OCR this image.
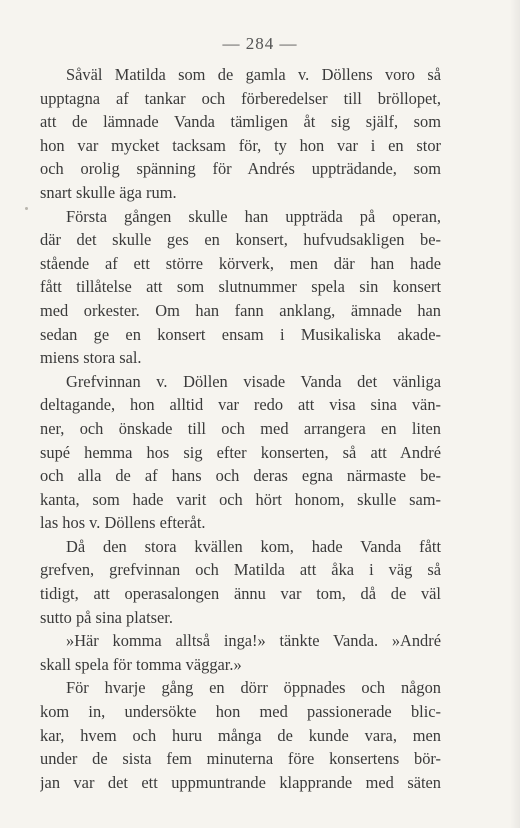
— 284 —
Såväl Matilda som de gamla v. Döllens voro så
upptagna af tankar och förberedelser till bröllopet,
att de lämnade Vanda tämligen åt sig själf, som
hon var mycket tacksam för, ty hon var i en stor
och orolig spänning för Andrés uppträdande, som
snart skulle äga rum.
Första gången skulle han uppträda på operan,
där det skulle ges en konsert, hufvudsakligen be-
stående af ett större körverk, men där han hade
fått tillåtelse att som slutnummer spela sin konsert
med orkester. Om han fann anklang, ämnade han
sedan ge en konsert ensam i Musikaliska akade-
miens stora sal.
Grefvinnan v. Döllen visade Vanda det vänliga
deltagande, hon alltid var redo att visa sina vän-
ner, och önskade till och med arrangera en liten
supé hemma hos sig efter konserten, så att André
och alla de af hans och deras egna närmaste be-
kanta, som hade varit och hört honom, skulle sam-
las hos v. Döllens efteråt.
Då den stora kvällen kom, hade Vanda fått
grefven, grefvinnan och Matilda att åka i väg så
tidigt, att operasalongen ännu var tom, då de väl
sutto på sina platser.
»Här komma alltså inga!» tänkte Vanda. »André
skall spela för tomma väggar.»
För hvarje gång en dörr öppnades och någon
kom in, undersökte hon med passionerade blic-
kar, hvem och huru många de kunde vara, men
under de sista fem minuterna före konsertens bör-
jan var det ett uppmuntrande klapprande med säten
